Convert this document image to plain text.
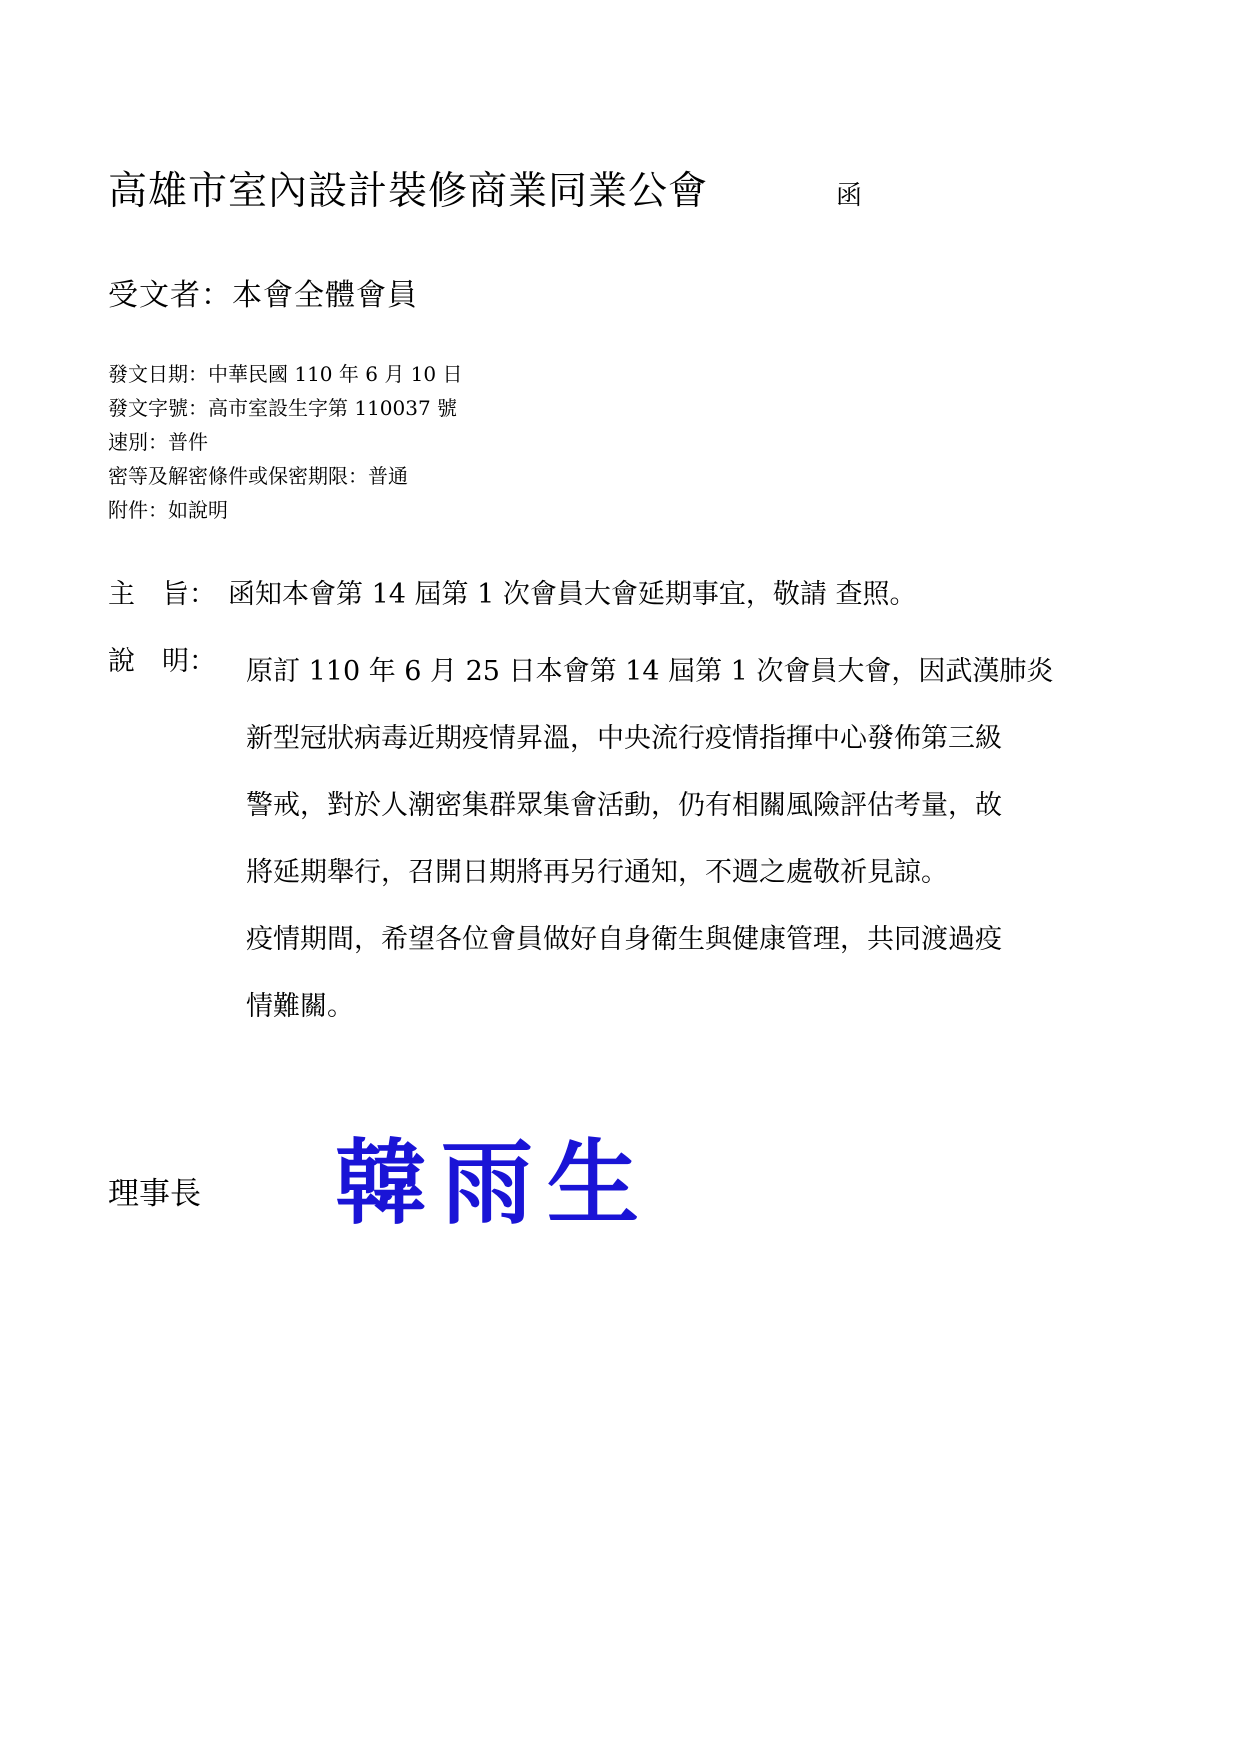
高雄市室內設計裝修商業同業公會	函
受文者：本會全體會員
發文日期：中華民國 110 年 6 月 10 日
發文字號：高市室設生字第 110037 號
速別：普件
密等及解密條件或保密期限：普通
附件：如說明
主　旨： 函知本會第 14 屆第 1 次會員大會延期事宜，敬請 查照。
說　明： 原訂 110 年 6 月 25 日本會第 14 屆第 1 次會員大會，因武漢肺炎
新型冠狀病毒近期疫情昇溫，中央流行疫情指揮中心發佈第三級
警戒，對於人潮密集群眾集會活動，仍有相關風險評估考量，故
將延期舉行，召開日期將再另行通知，不週之處敬祈見諒。
疫情期間，希望各位會員做好自身衛生與健康管理，共同渡過疫
情難關。
理事長 韓雨生
